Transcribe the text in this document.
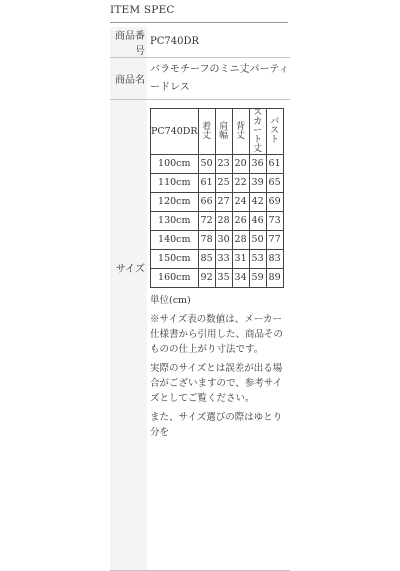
ITEM SPEC
商品番号	PC740DR
商品名	バラモチーフのミニ丈パーティードレス
サイズ	
PC740DR	着丈	肩幅	背丈	スカート丈	バスト
100cm	50	23	20	36	61
110cm	61	25	22	39	65
120cm	66	27	24	42	69
130cm	72	28	26	46	73
140cm	78	30	28	50	77
150cm	85	33	31	53	83
160cm	92	35	34	59	89
単位(cm)
※サイズ表の数値は、メーカー仕様書から引用した、商品そのものの仕上がり寸法です。
実際のサイズとは誤差が出る場合がございますので、参考サイズとしてご覧ください。
また、サイズ選びの際はゆとり分を
